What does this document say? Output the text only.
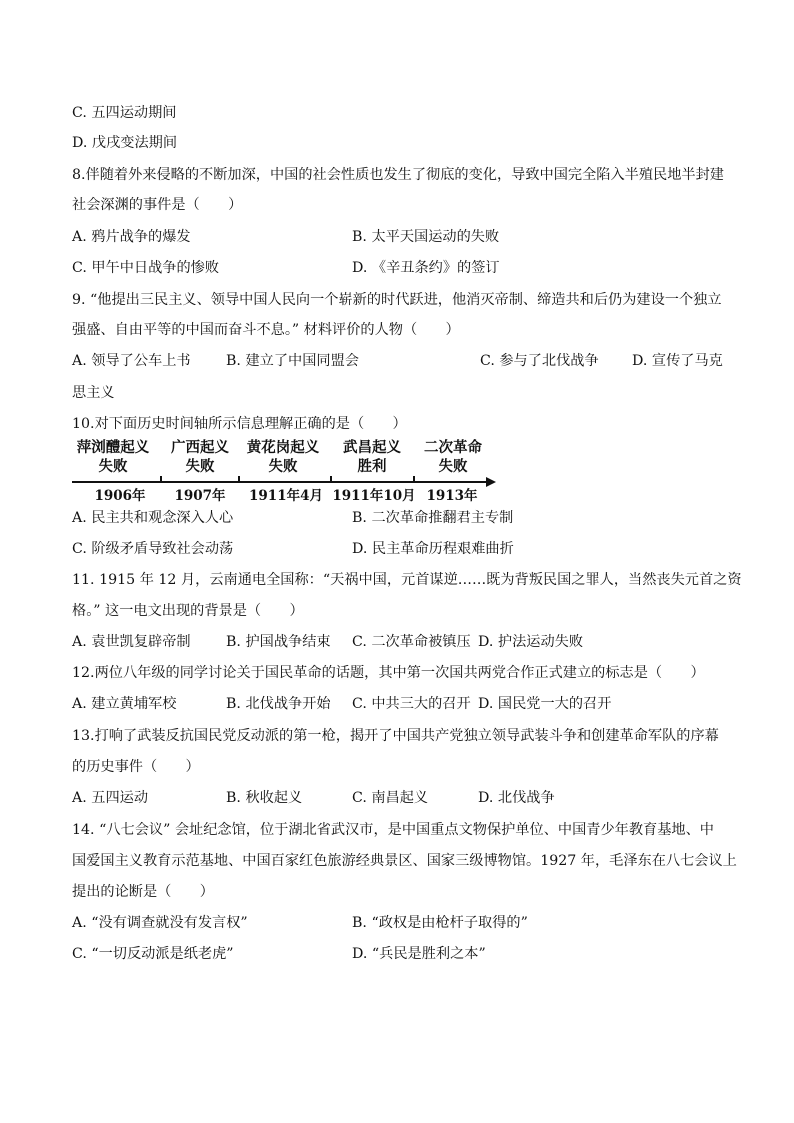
C. 五四运动期间
D. 戊戌变法期间
8.伴随着外来侵略的不断加深，中国的社会性质也发生了彻底的变化，导致中国完全陷入半殖民地半封建
社会深渊的事件是（　　）
A. 鸦片战争的爆发	B. 太平天国运动的失败
C. 甲午中日战争的惨败	D. 《辛丑条约》的签订
9. “他提出三民主义、领导中国人民向一个崭新的时代跃进，他消灭帝制、缔造共和后仍为建设一个独立
强盛、自由平等的中国而奋斗不息。” 材料评价的人物（　　）
A. 领导了公车上书 B. 建立了中国同盟会	C. 参与了北伐战争 D. 宣传了马克
思主义
10.对下面历史时间轴所示信息理解正确的是（　　）
萍浏醴起义
失败
广西起义
失败
黄花岗起义
失败
武昌起义
胜利
二次革命
失败
1906年	1907年	1911年4月 1911年10月 1913年
A. 民主共和观念深入人心	B. 二次革命推翻君主专制
C. 阶级矛盾导致社会动荡	D. 民主革命历程艰难曲折
11. 1915 年 12 月，云南通电全国称：“天祸中国，元首谋逆……既为背叛民国之罪人，当然丧失元首之资
格。” 这一电文出现的背景是（　　）
A. 袁世凯复辟帝制 B. 护国战争结束 C. 二次革命被镇压 D. 护法运动失败
12.两位八年级的同学讨论关于国民革命的话题，其中第一次国共两党合作正式建立的标志是（　　）
A. 建立黄埔军校	B. 北伐战争开始 C. 中共三大的召开 D. 国民党一大的召开
13.打响了武装反抗国民党反动派的第一枪，揭开了中国共产党独立领导武装斗争和创建革命军队的序幕
的历史事件（　　）
A. 五四运动	B. 秋收起义	C. 南昌起义	D. 北伐战争
14. “八七会议” 会址纪念馆，位于湖北省武汉市，是中国重点文物保护单位、中国青少年教育基地、中
国爱国主义教育示范基地、中国百家红色旅游经典景区、国家三级博物馆。1927 年，毛泽东在八七会议上
提出的论断是（　　）
A. “没有调查就没有发言权”	B. “政权是由枪杆子取得的”
C. “一切反动派是纸老虎”	D. “兵民是胜利之本”
